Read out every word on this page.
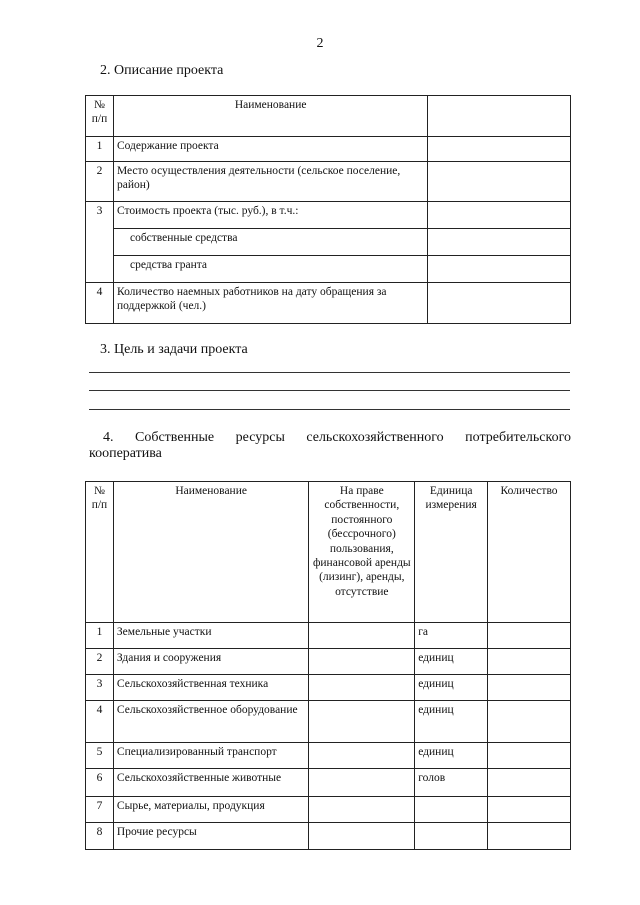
2
2. Описание проекта
№ п/п	Наименование	
1	Содержание проекта	
2	Место осуществления деятельности (сельское поселение, район)	
3	Стоимость проекта (тыс. руб.), в т.ч.:	
	собственные средства	
	средства гранта	
4	Количество наемных работников на дату обращения за поддержкой (чел.)	
3. Цель и задачи проекта
4. Собственные ресурсы сельскохозяйственного потребительского
кооператива
№ п/п	Наименование	На праве собственности, постоянного (бессрочного) пользования, финансовой аренды (лизинг), аренды, отсутствие	Единица измерения	Количество
1	Земельные участки		га	
2	Здания и сооружения		единиц	
3	Сельскохозяйственная техника		единиц	
4	Сельскохозяйственное оборудование		единиц	
5	Специализированный транспорт		единиц	
6	Сельскохозяйственные животные		голов	
7	Сырье, материалы, продукция			
8	Прочие ресурсы			
